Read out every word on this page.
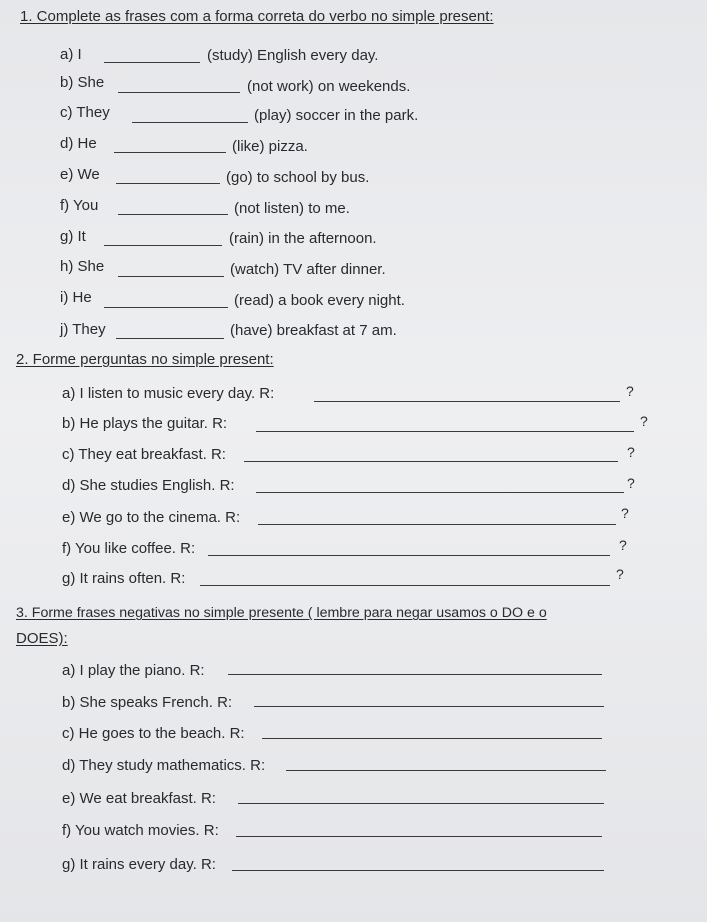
1. Complete as frases com a forma correta do verbo no simple present:
a) I	(study) English every day.
b) She	(not work) on weekends.
c) They	(play) soccer in the park.
d) He	(like) pizza.
e) We	(go) to school by bus.
f) You	(not listen) to me.
g) It	(rain) in the afternoon.
h) She	(watch) TV after dinner.
i) He	(read) a book every night.
j) They	(have) breakfast at 7 am.
2. Forme perguntas no simple present:
a) I listen to music every day. R:	?
b) He plays the guitar. R:	?
c) They eat breakfast. R:	?
d) She studies English. R:	?
e) We go to the cinema. R:	?
f) You like coffee. R:	?
g) It rains often. R:	?
3. Forme frases negativas no simple presente ( lembre para negar usamos o DO e o
DOES):
a) I play the piano. R:
b) She speaks French. R:
c) He goes to the beach. R:
d) They study mathematics. R:
e) We eat breakfast. R:
f) You watch movies. R:
g) It rains every day. R:
